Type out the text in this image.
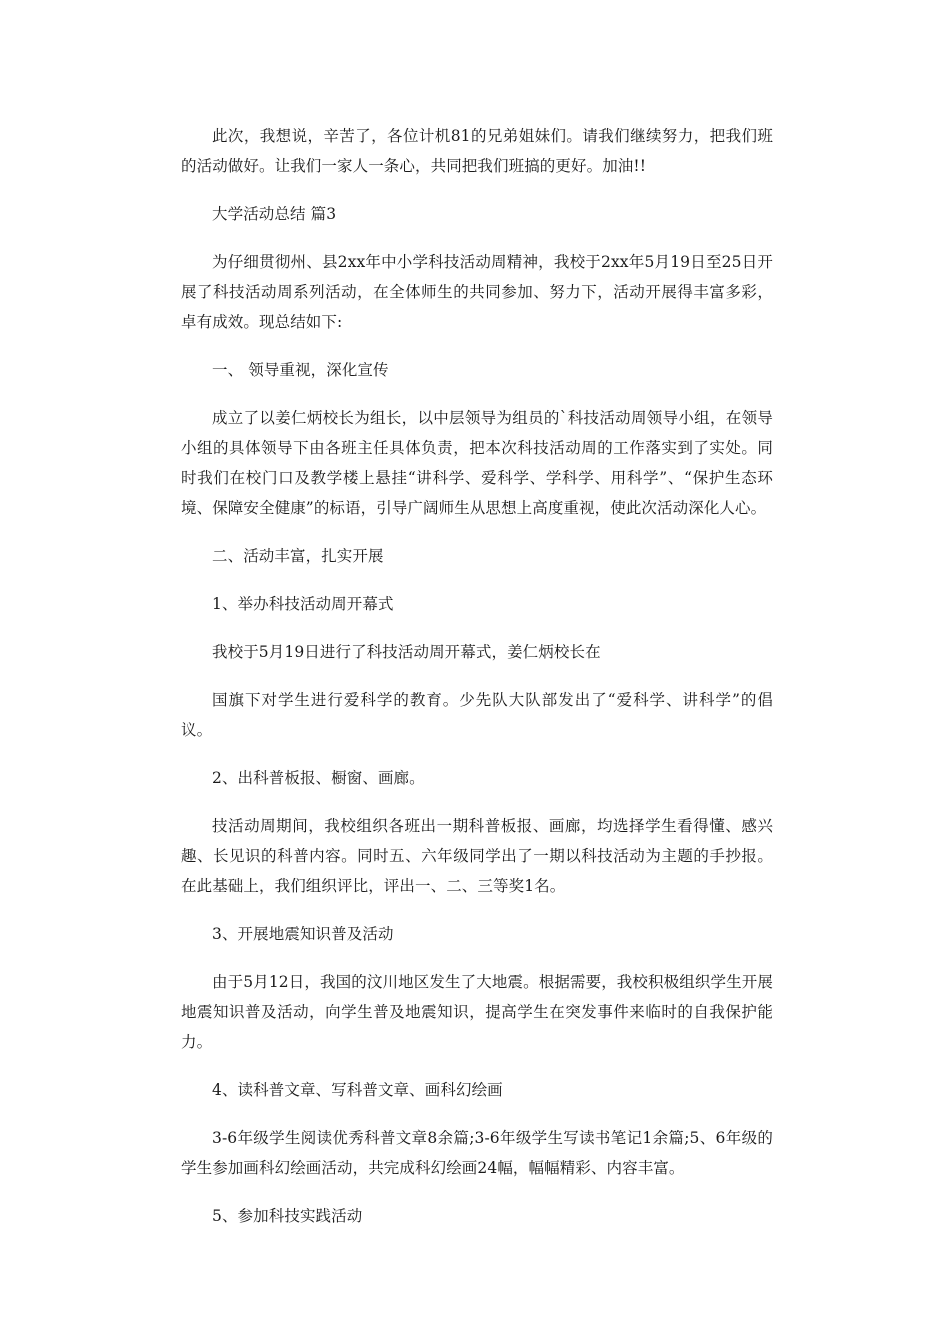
此次，我想说，辛苦了，各位计机81的兄弟姐妹们。请我们继续努力，把我们班的活动做好。让我们一家人一条心，共同把我们班搞的更好。加油!!

大学活动总结 篇3

为仔细贯彻州、县2xx年中小学科技活动周精神，我校于2xx年5月19日至25日开展了科技活动周系列活动，在全体师生的共同参加、努力下，活动开展得丰富多彩，卓有成效。现总结如下:

一、 领导重视，深化宣传

成立了以姜仁炳校长为组长，以中层领导为组员的`科技活动周领导小组，在领导小组的具体领导下由各班主任具体负责，把本次科技活动周的工作落实到了实处。同时我们在校门口及教学楼上悬挂“讲科学、爱科学、学科学、用科学”、“保护生态环境、保障安全健康”的标语，引导广阔师生从思想上高度重视，使此次活动深化人心。

二、活动丰富，扎实开展

1、举办科技活动周开幕式

我校于5月19日进行了科技活动周开幕式，姜仁炳校长在

国旗下对学生进行爱科学的教育。少先队大队部发出了“爱科学、讲科学”的倡议。

2、出科普板报、橱窗、画廊。

技活动周期间，我校组织各班出一期科普板报、画廊，均选择学生看得懂、感兴趣、长见识的科普内容。同时五、六年级同学出了一期以科技活动为主题的手抄报。在此基础上，我们组织评比，评出一、二、三等奖1名。

3、开展地震知识普及活动

由于5月12日，我国的汶川地区发生了大地震。根据需要，我校积极组织学生开展地震知识普及活动，向学生普及地震知识，提高学生在突发事件来临时的自我保护能力。

4、读科普文章、写科普文章、画科幻绘画

3-6年级学生阅读优秀科普文章8余篇;3-6年级学生写读书笔记1余篇;5、6年级的学生参加画科幻绘画活动，共完成科幻绘画24幅，幅幅精彩、内容丰富。

5、参加科技实践活动
